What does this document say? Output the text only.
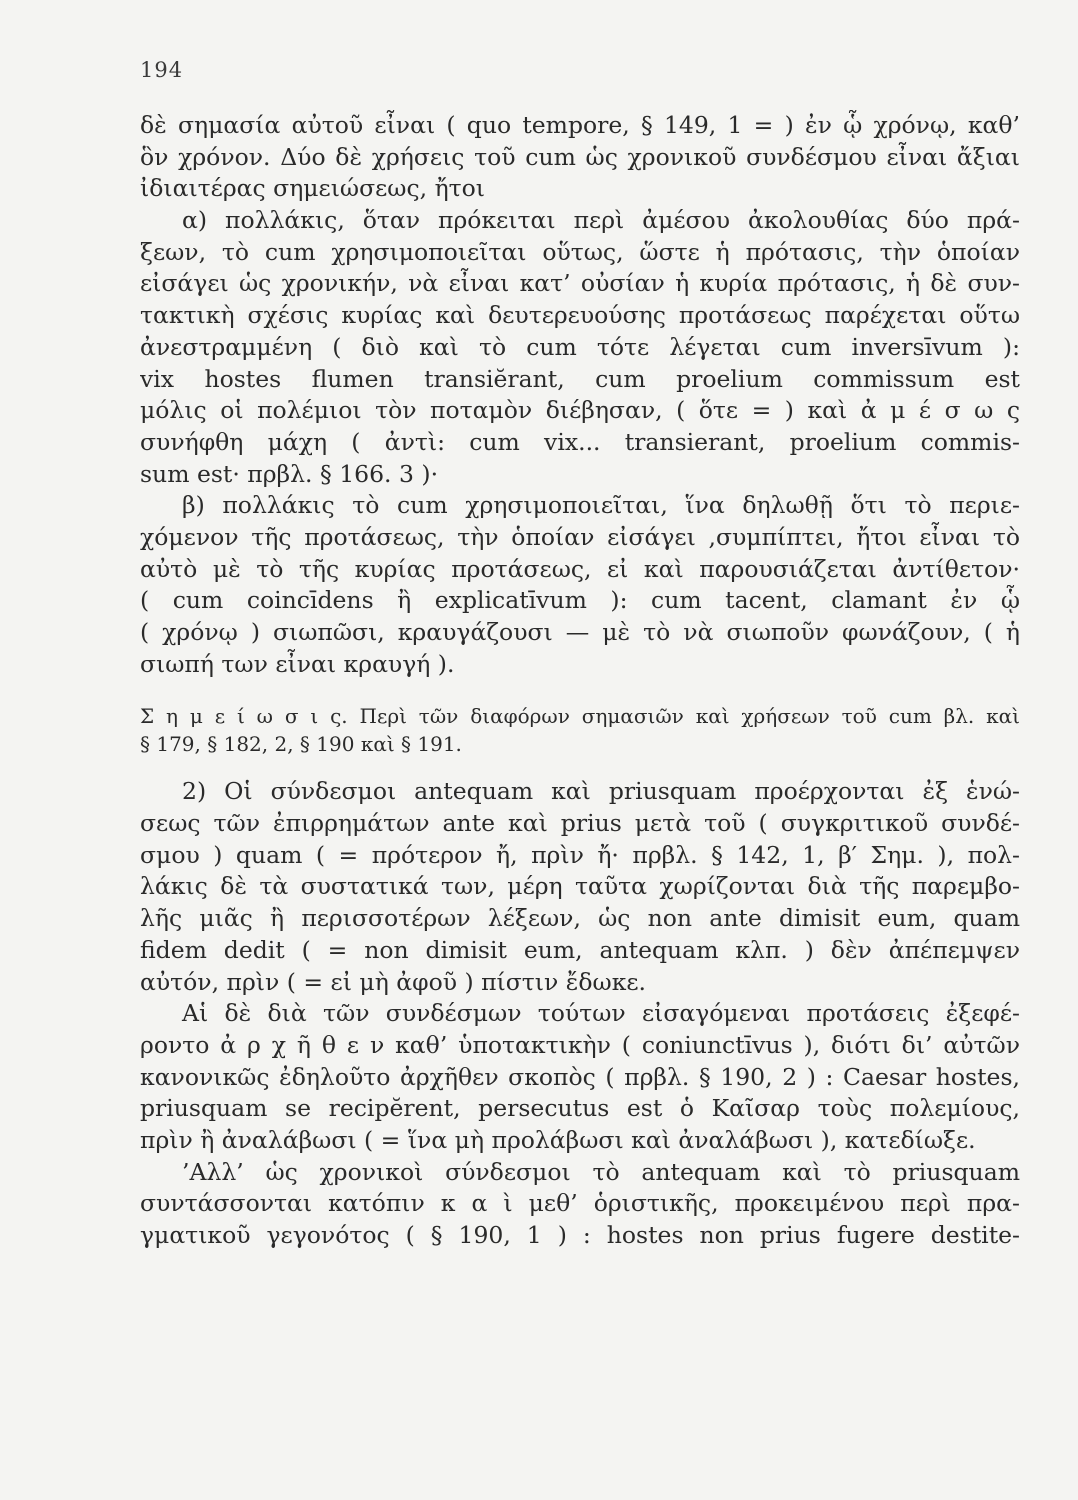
194
δὲ σημασία αὐτοῦ εἶναι ( quo tempore, § 149, 1 = ) ἐν ᾧ χρόνῳ, καθ’
ὃν χρόνον. Δύο δὲ χρήσεις τοῦ cum ὡς χρονικοῦ συνδέσμου εἶναι ἄξιαι
ἰδιαιτέρας σημειώσεως, ἤτοι
α) πολλάκις, ὅταν πρόκειται περὶ ἀμέσου ἀκολουθίας δύο πρά-
ξεων, τὸ cum χρησιμοποιεῖται οὕτως, ὥστε ἡ πρότασις, τὴν ὁποίαν
εἰσάγει ὡς χρονικήν, νὰ εἶναι κατ’ οὐσίαν ἡ κυρία πρότασις, ἡ δὲ συν-
τακτικὴ σχέσις κυρίας καὶ δευτερευούσης προτάσεως παρέχεται οὕτω
ἀνεστραμμένη ( διὸ καὶ τὸ cum τότε λέγεται cum inversīvum ):
vix hostes flumen transiĕrant, cum proelium commissum est
μόλις οἱ πολέμιοι τὸν ποταμὸν διέβησαν, ( ὅτε = ) καὶ ἀ μ έ σ ω ς
συνήφθη μάχη ( ἀντὶ: cum vix... transierant, proelium commis-
sum est· πρβλ. § 166. 3 )·
β) πολλάκις τὸ cum χρησιμοποιεῖται, ἵνα δηλωθῇ ὅτι τὸ περιε-
χόμενον τῆς προτάσεως, τὴν ὁποίαν εἰσάγει ,συμπίπτει, ἤτοι εἶναι τὸ
αὐτὸ μὲ τὸ τῆς κυρίας προτάσεως, εἰ καὶ παρουσιάζεται ἀντίθετον·
( cum coincīdens ἢ explicatīvum ): cum tacent, clamant ἐν ᾧ
( χρόνῳ ) σιωπῶσι, κραυγάζουσι — μὲ τὸ νὰ σιωποῦν φωνάζουν, ( ἡ
σιωπή των εἶναι κραυγή ).
Σ η μ ε ί ω σ ι ς. Περὶ τῶν διαφόρων σημασιῶν καὶ χρήσεων τοῦ cum βλ. καὶ
§ 179, § 182, 2, § 190 καὶ § 191.
2) Οἱ σύνδεσμοι antequam καὶ priusquam προέρχονται ἐξ ἑνώ-
σεως τῶν ἐπιρρημάτων ante καὶ prius μετὰ τοῦ ( συγκριτικοῦ συνδέ-
σμου ) quam ( = πρότερον ἤ, πρὶν ἤ· πρβλ. § 142, 1, β′ Σημ. ), πολ-
λάκις δὲ τὰ συστατικά των, μέρη ταῦτα χωρίζονται διὰ τῆς παρεμβο-
λῆς μιᾶς ἢ περισσοτέρων λέξεων, ὡς non ante dimisit eum, quam
fidem dedit ( = non dimisit eum, antequam κλπ. ) δὲν ἀπέπεμψεν
αὐτόν, πρὶν ( = εἰ μὴ ἀφοῦ ) πίστιν ἔδωκε.
Αἱ δὲ διὰ τῶν συνδέσμων τούτων εἰσαγόμεναι προτάσεις ἐξεφέ-
ροντο ἀ ρ χ ῆ θ ε ν καθ’ ὑποτακτικὴν ( coniunctīvus ), διότι δι’ αὐτῶν
κανονικῶς ἐδηλοῦτο ἀρχῆθεν σκοπὸς ( πρβλ. § 190, 2 ) : Caesar hostes,
priusquam se recipĕrent, persecutus est ὁ Καῖσαρ τοὺς πολεμίους,
πρὶν ἢ ἀναλάβωσι ( = ἵνα μὴ προλάβωσι καὶ ἀναλάβωσι ), κατεδίωξε.
’Αλλ’ ὡς χρονικοὶ σύνδεσμοι τὸ antequam καὶ τὸ priusquam
συντάσσονται κατόπιν κ α ὶ μεθ’ ὁριστικῆς, προκειμένου περὶ πρα-
γματικοῦ γεγονότος ( § 190, 1 ) : hostes non prius fugere destite-
